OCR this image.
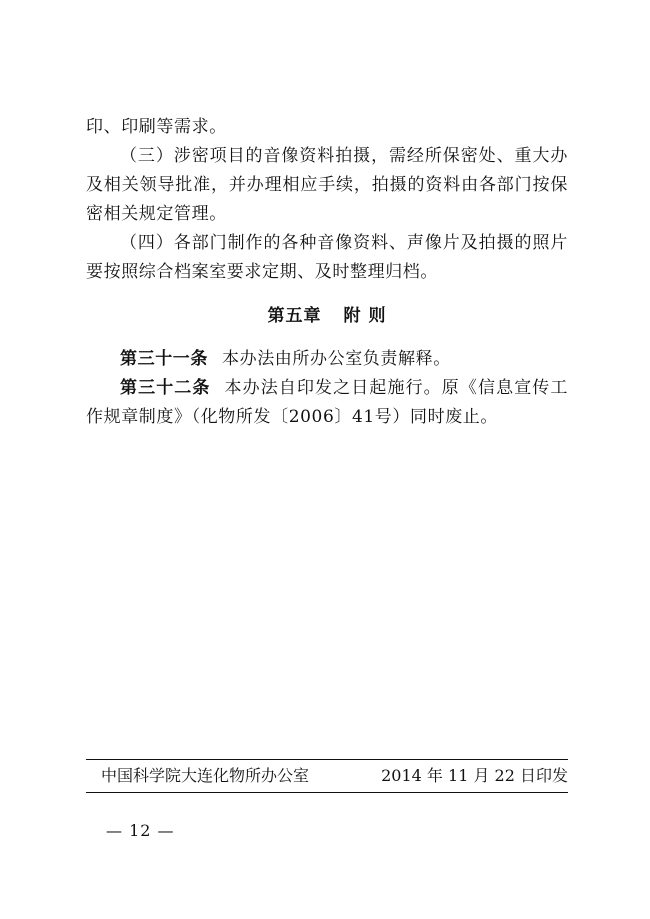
印、印刷等需求。

（三）涉密项目的音像资料拍摄，需经所保密处、重大办及相关领导批准，并办理相应手续，拍摄的资料由各部门按保密相关规定管理。

（四）各部门制作的各种音像资料、声像片及拍摄的照片要按照综合档案室要求定期、及时整理归档。

第五章 附 则

第三十一条 本办法由所办公室负责解释。

第三十二条 本办法自印发之日起施行。原《信息宣传工作规章制度》（化物所发〔2006〕41号）同时废止。

中国科学院大连化物所办公室	2014 年 11 月 22 日印发
— 12 —
